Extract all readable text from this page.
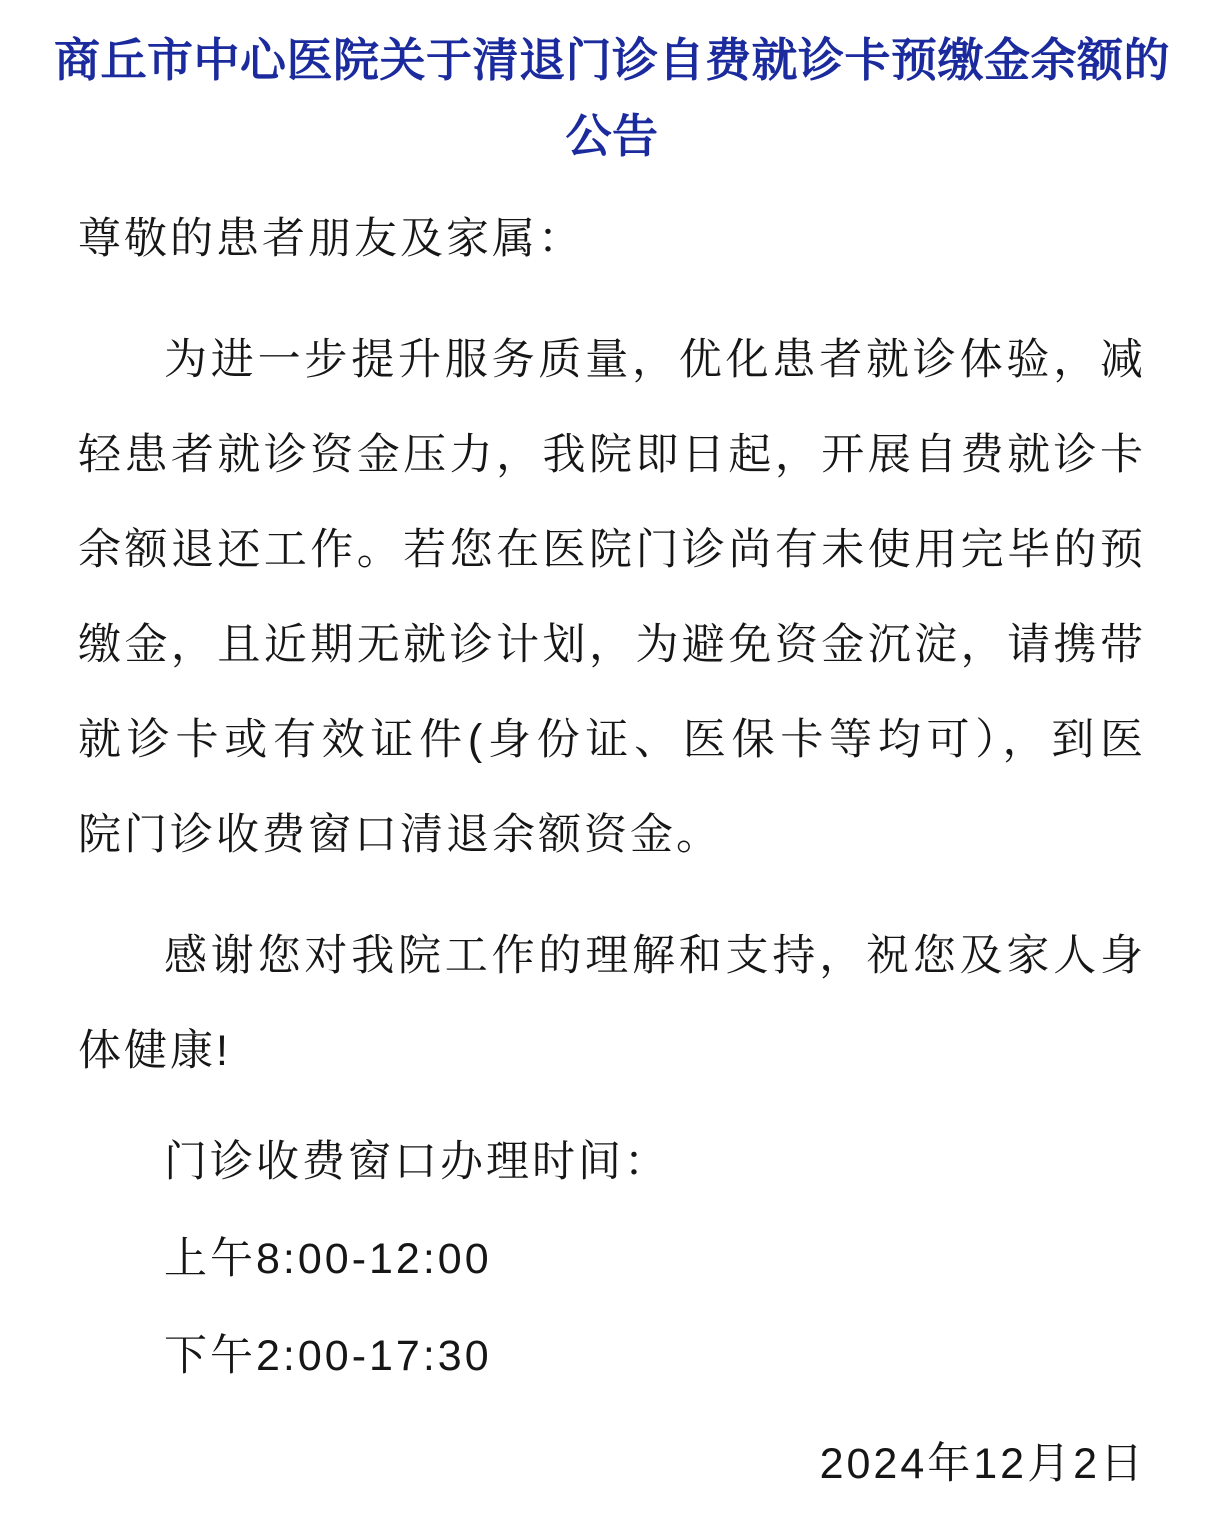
商丘市中心医院关于清退门诊自费就诊卡预缴金余额的
公告

尊敬的患者朋友及家属：

为进一步提升服务质量，优化患者就诊体验，减
轻患者就诊资金压力，我院即日起，开展自费就诊卡
余额退还工作。若您在医院门诊尚有未使用完毕的预
缴金，且近期无就诊计划，为避免资金沉淀，请携带
就诊卡或有效证件(身份证、医保卡等均可），到医
院门诊收费窗口清退余额资金。

感谢您对我院工作的理解和支持，祝您及家人身
体健康!

门诊收费窗口办理时间：

上午8:00-12:00

下午2:00-17:30

2024年12月2日
